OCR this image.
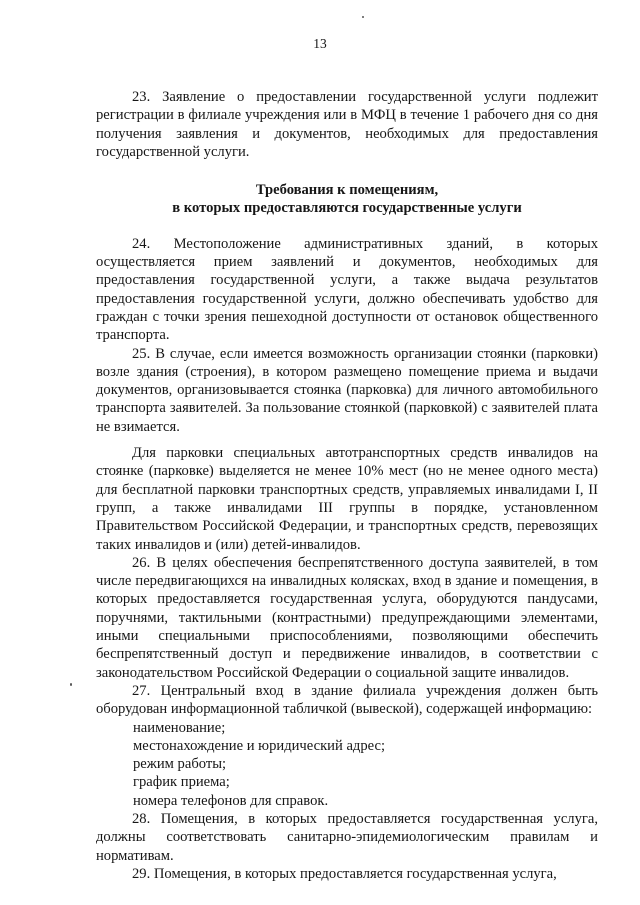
13

23. Заявление о предоставлении государственной услуги подлежит регистрации в филиале учреждения или в МФЦ в течение 1 рабочего дня со дня получения заявления и документов, необходимых для предоставления государственной услуги.

Требования к помещениям,

в которых предоставляются государственные услуги

24. Местоположение административных зданий, в которых осуществляется прием заявлений и документов, необходимых для предоставления государственной услуги, а также выдача результатов предоставления государственной услуги, должно обеспечивать удобство для граждан с точки зрения пешеходной доступности от остановок общественного транспорта.

25. В случае, если имеется возможность организации стоянки (парковки) возле здания (строения), в котором размещено помещение приема и выдачи документов, организовывается стоянка (парковка) для личного автомобильного транспорта заявителей. За пользование стоянкой (парковкой) с заявителей плата не взимается.

Для парковки специальных автотранспортных средств инвалидов на стоянке (парковке) выделяется не менее 10% мест (но не менее одного места) для бесплатной парковки транспортных средств, управляемых инвалидами I, II групп, а также инвалидами III группы в порядке, установленном Правительством Российской Федерации, и транспортных средств, перевозящих таких инвалидов и (или) детей-инвалидов.

26. В целях обеспечения беспрепятственного доступа заявителей, в том числе передвигающихся на инвалидных колясках, вход в здание и помещения, в которых предоставляется государственная услуга, оборудуются пандусами, поручнями, тактильными (контрастными) предупреждающими элементами, иными специальными приспособлениями, позволяющими обеспечить беспрепятственный доступ и передвижение инвалидов, в соответствии с законодательством Российской Федерации о социальной защите инвалидов.

27. Центральный вход в здание филиала учреждения должен быть оборудован информационной табличкой (вывеской), содержащей информацию:

наименование;

местонахождение и юридический адрес;

режим работы;

график приема;

номера телефонов для справок.

28. Помещения, в которых предоставляется государственная услуга, должны соответствовать санитарно-эпидемиологическим правилам и нормативам.

29. Помещения, в которых предоставляется государственная услуга,
